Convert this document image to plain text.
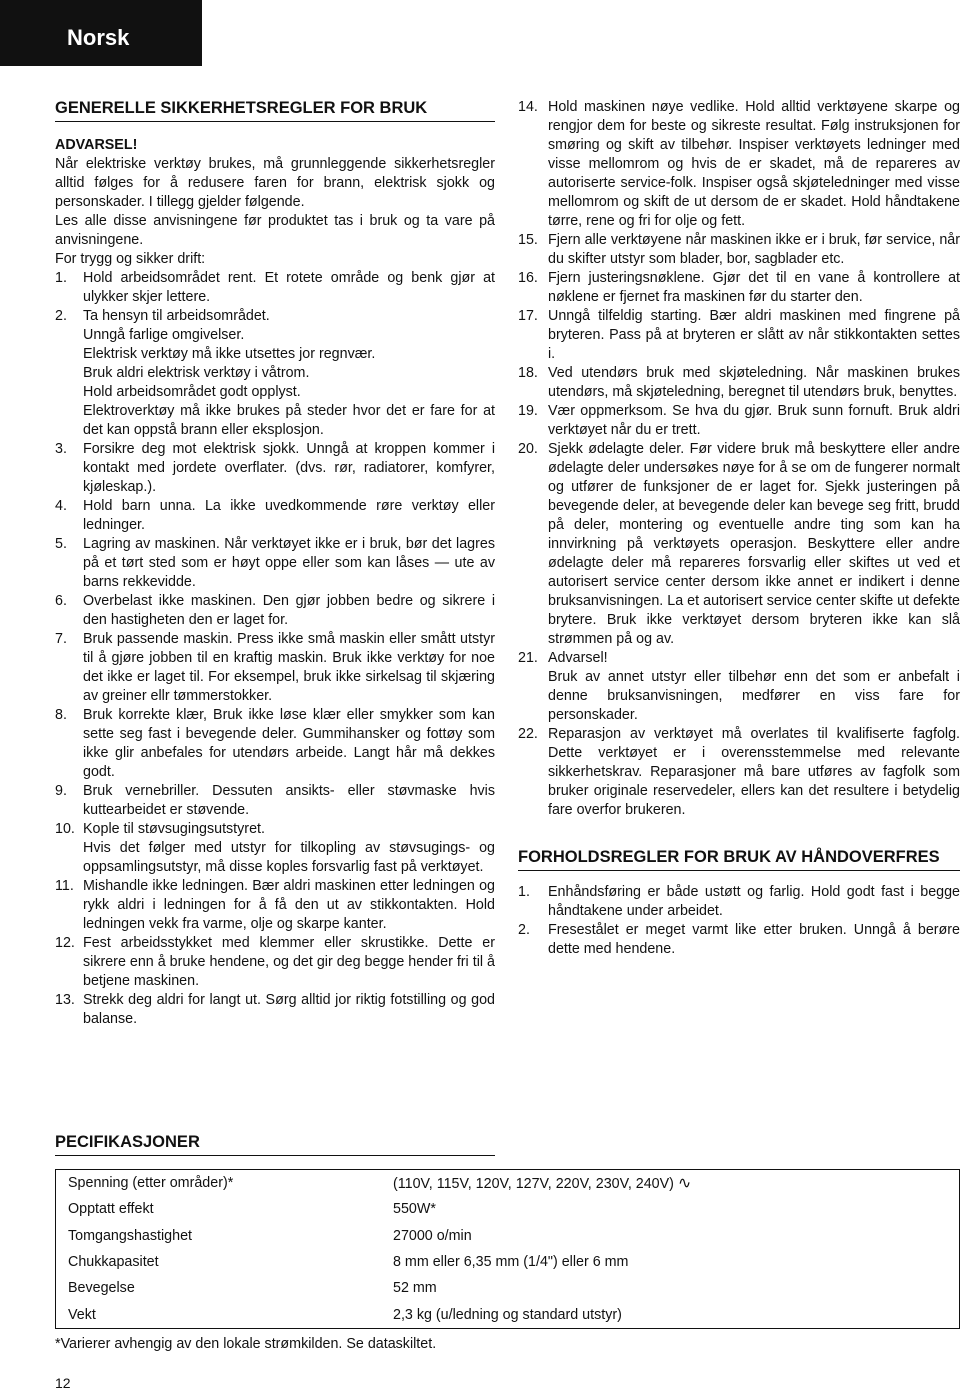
Norsk
GENERELLE SIKKERHETSREGLER FOR BRUK
ADVARSEL!
Når elektriske verktøy brukes, må grunnleggende sikkerhetsregler alltid følges for å redusere faren for brann, elektrisk sjokk og personskader. I tillegg gjelder følgende.
Les alle disse anvisningene før produktet tas i bruk og ta vare på anvisningene.
For trygg og sikker drift:
1.	Hold arbeidsområdet rent. Et rotete område og benk gjør at ulykker skjer lettere.
2.	Ta hensyn til arbeidsområdet.
Unngå farlige omgivelser.
Elektrisk verktøy må ikke utsettes jor regnvær.
Bruk aldri elektrisk verktøy i våtrom.
Hold arbeidsområdet godt opplyst.
Elektroverktøy må ikke brukes på steder hvor det er fare for at det kan oppstå brann eller eksplosjon.
3.	Forsikre deg mot elektrisk sjokk. Unngå at kroppen kommer i kontakt med jordete overflater. (dvs. rør, radiatorer, komfyrer, kjøleskap.).
4.	Hold barn unna. La ikke uvedkommende røre verktøy eller ledninger.
5.	Lagring av maskinen. Når verktøyet ikke er i bruk, bør det lagres på et tørt sted som er høyt oppe eller som kan låses — ute av barns rekkevidde.
6.	Overbelast ikke maskinen. Den gjør jobben bedre og sikrere i den hastigheten den er laget for.
7.	Bruk passende maskin. Press ikke små maskin eller smått utstyr til å gjøre jobben til en kraftig maskin. Bruk ikke verktøy for noe det ikke er laget til. For eksempel, bruk ikke sirkelsag til skjæring av greiner ellr tømmerstokker.
8.	Bruk korrekte klær, Bruk ikke løse klær eller smykker som kan sette seg fast i bevegende deler. Gummihansker og fottøy som ikke glir anbefales for utendørs arbeide. Langt hår må dekkes godt.
9.	Bruk vernebriller. Dessuten ansikts- eller støvmaske hvis kuttearbeidet er støvende.
10. Kople til støvsugingsutstyret.
Hvis det følger med utstyr for tilkopling av støvsugings- og oppsamlingsutstyr, må disse koples forsvarlig fast på verktøyet.
11. Mishandle ikke ledningen. Bær aldri maskinen etter ledningen og rykk aldri i ledningen for å få den ut av stikkontakten. Hold ledningen vekk fra varme, olje og skarpe kanter.
12. Fest arbeidsstykket med klemmer eller skrustikke. Dette er sikrere enn å bruke hendene, og det gir deg begge hender fri til å betjene maskinen.
13. Strekk deg aldri for langt ut. Sørg alltid jor riktig fotstilling og god balanse.
14. Hold maskinen nøye vedlike. Hold alltid verktøyene skarpe og rengjor dem for beste og sikreste resultat. Følg instruksjonen for smøring og skift av tilbehør. Inspiser verktøyets ledninger med visse mellomrom og hvis de er skadet, må de repareres av autoriserte service-folk. Inspiser også skjøteledninger med visse mellomrom og skift de ut dersom de er skadet. Hold håndtakene tørre, rene og fri for olje og fett.
15. Fjern alle verktøyene når maskinen ikke er i bruk, før service, når du skifter utstyr som blader, bor, sagblader etc.
16. Fjern justeringsnøklene. Gjør det til en vane å kontrollere at nøklene er fjernet fra maskinen før du starter den.
17. Unngå tilfeldig starting. Bær aldri maskinen med fingrene på bryteren. Pass på at bryteren er slått av når stikkontakten settes i.
18. Ved utendørs bruk med skjøteledning. Når maskinen brukes utendørs, må skjøteledning, beregnet til utendørs bruk, benyttes.
19. Vær oppmerksom. Se hva du gjør. Bruk sunn fornuft. Bruk aldri verktøyet når du er trett.
20. Sjekk ødelagte deler. Før videre bruk må beskyttere eller andre ødelagte deler undersøkes nøye for å se om de fungerer normalt og utfører de funksjoner de er laget for. Sjekk justeringen på bevegende deler, at bevegende deler kan bevege seg fritt, brudd på deler, montering og eventuelle andre ting som kan ha innvirkning på verktøyets operasjon. Beskyttere eller andre ødelagte deler må repareres forsvarlig eller skiftes ut ved et autorisert service center dersom ikke annet er indikert i denne bruksanvisningen. La et autorisert service center skifte ut defekte brytere. Bruk ikke verktøyet dersom bryteren ikke kan slå strømmen på og av.
21. Advarsel!
Bruk av annet utstyr eller tilbehør enn det som er anbefalt i denne bruksanvisningen, medfører en viss fare for personskader.
22. Reparasjon av verktøyet må overlates til kvalifiserte fagfolg. Dette verktøyet er i overensstemmelse med relevante sikkerhetskrav. Reparasjoner må bare utføres av fagfolk som bruker originale reservedeler, ellers kan det resultere i betydelig fare overfor brukeren.
FORHOLDSREGLER FOR BRUK AV HÅNDOVERFRES
1.	Enhåndsføring er både ustøtt og farlig. Hold godt fast i begge håndtakene under arbeidet.
2.	Fresestålet er meget varmt like etter bruken. Unngå å berøre dette med hendene.
PECIFIKASJONER
Spenning (etter områder)*	(110V, 115V, 120V, 127V, 220V, 230V, 240V) ∿
Opptatt effekt	550W*
Tomgangshastighet	27000 o/min
Chukkapasitet	8 mm eller 6,35 mm (1/4") eller 6 mm
Bevegelse	52 mm
Vekt	2,3 kg (u/ledning og standard utstyr)
*Varierer avhengig av den lokale strømkilden. Se dataskiltet.
12
